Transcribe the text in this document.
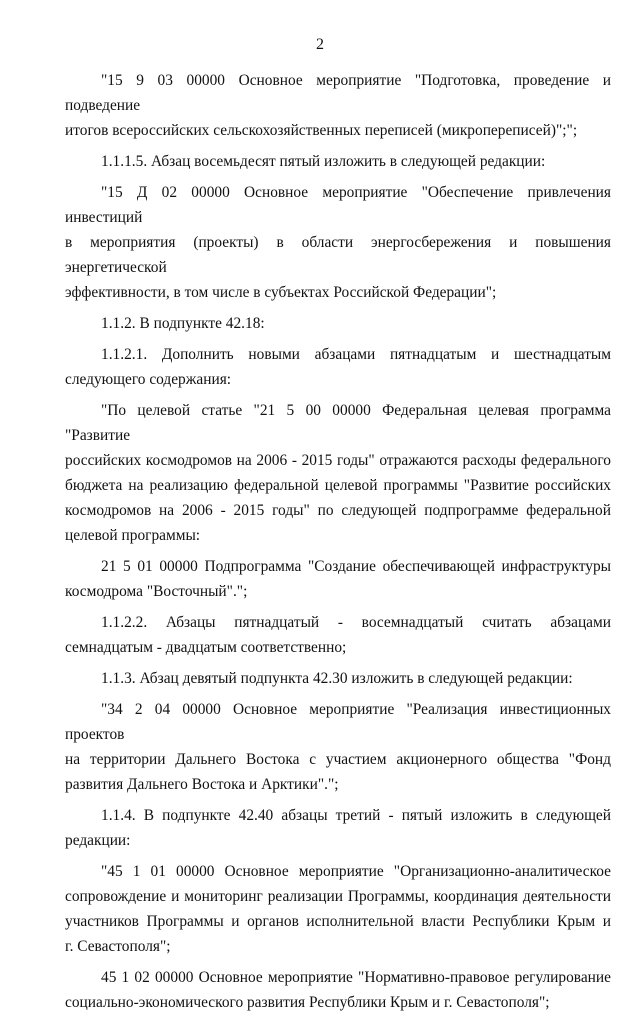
2
"15 9 03 00000 Основное мероприятие "Подготовка, проведение и подведение
итогов всероссийских сельскохозяйственных переписей (микропереписей)";";
1.1.1.5. Абзац восемьдесят пятый изложить в следующей редакции:
"15 Д 02 00000 Основное мероприятие "Обеспечение привлечения инвестиций
в мероприятия (проекты) в области энергосбережения и повышения энергетической
эффективности, в том числе в субъектах Российской Федерации";
1.1.2. В подпункте 42.18:
1.1.2.1. Дополнить новыми абзацами пятнадцатым и шестнадцатым
следующего содержания:
"По целевой статье "21 5 00 00000 Федеральная целевая программа "Развитие
российских космодромов на 2006 - 2015 годы" отражаются расходы федерального
бюджета на реализацию федеральной целевой программы "Развитие российских
космодромов на 2006 - 2015 годы" по следующей подпрограмме федеральной
целевой программы:
21 5 01 00000 Подпрограмма "Создание обеспечивающей инфраструктуры
космодрома "Восточный".";
1.1.2.2. Абзацы пятнадцатый - восемнадцатый считать абзацами
семнадцатым - двадцатым соответственно;
1.1.3. Абзац девятый подпункта 42.30 изложить в следующей редакции:
"34 2 04 00000 Основное мероприятие "Реализация инвестиционных проектов
на территории Дальнего Востока с участием акционерного общества "Фонд
развития Дальнего Востока и Арктики".";
1.1.4. В подпункте 42.40 абзацы третий - пятый изложить в следующей
редакции:
"45 1 01 00000 Основное мероприятие "Организационно-аналитическое
сопровождение и мониторинг реализации Программы, координация деятельности
участников Программы и органов исполнительной власти Республики Крым и
г. Севастополя";
45 1 02 00000 Основное мероприятие "Нормативно-правовое регулирование
социально-экономического развития Республики Крым и г. Севастополя";
